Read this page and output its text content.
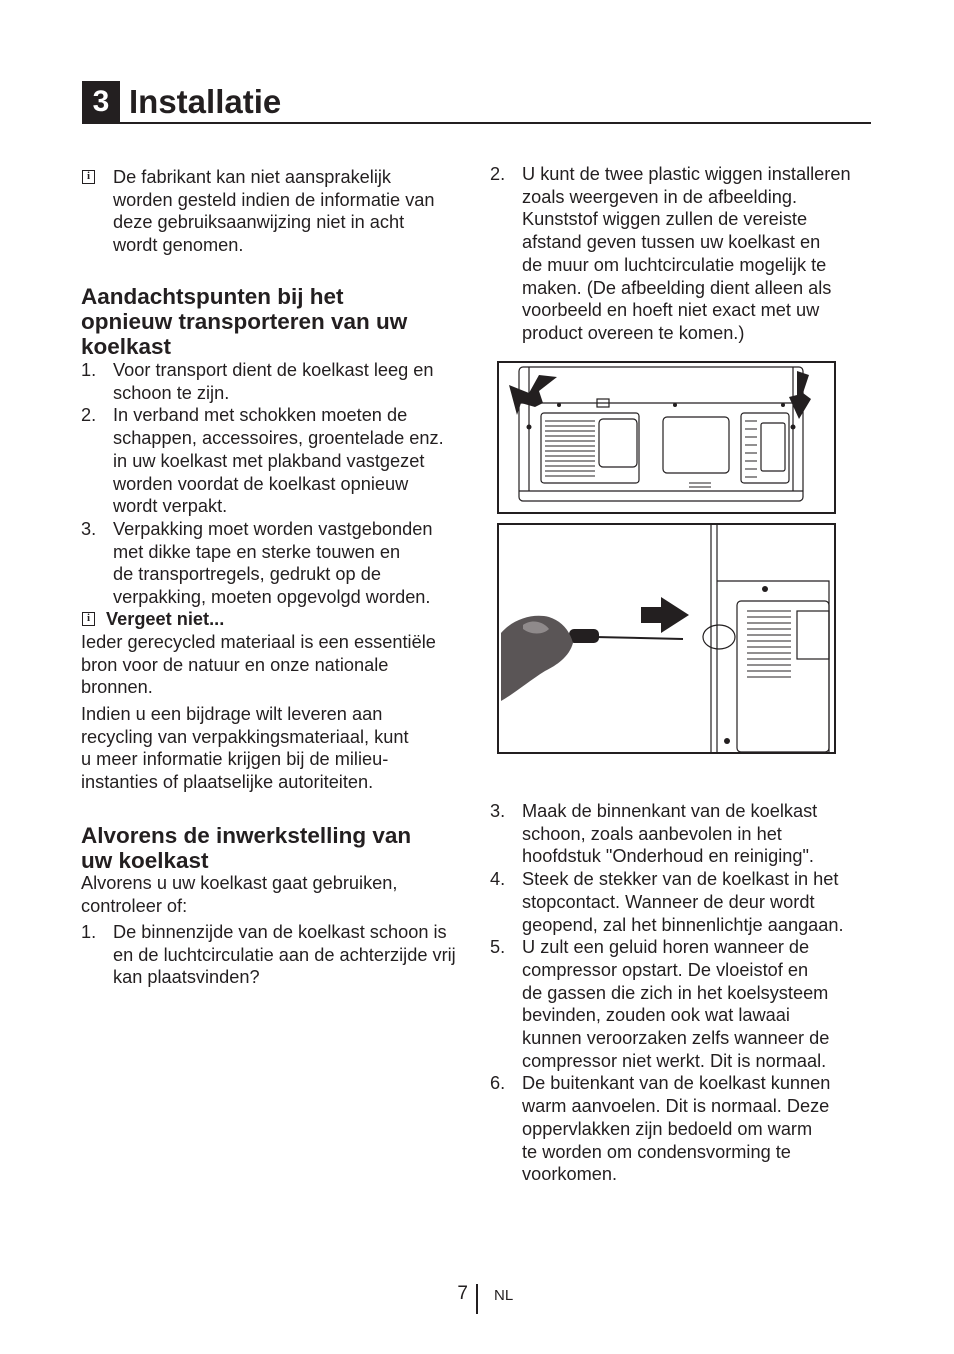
3 Installatie
i De fabrikant kan niet aansprakelijk
worden gesteld indien de informatie van
deze gebruiksaanwijzing niet in acht
wordt genomen.
Aandachtspunten bij het
opnieuw transporteren van uw
koelkast
1. Voor transport dient de koelkast leeg en
schoon te zijn.
2. In verband met schokken moeten de
schappen, accessoires, groentelade enz.
in uw koelkast met plakband vastgezet
worden voordat de koelkast opnieuw
wordt verpakt.
3. Verpakking moet worden vastgebonden
met dikke tape en sterke touwen en
de transportregels, gedrukt op de
verpakking, moeten opgevolgd worden.
i Vergeet niet...
Ieder gerecycled materiaal is een essentiële
bron voor de natuur en onze nationale
bronnen.
Indien u een bijdrage wilt leveren aan
recycling van verpakkingsmateriaal, kunt
u meer informatie krijgen bij de milieu-
instanties of plaatselijke autoriteiten.
Alvorens de inwerkstelling van
uw koelkast
Alvorens u uw koelkast gaat gebruiken,
controleer of:
1. De binnenzijde van de koelkast schoon is
en de luchtcirculatie aan de achterzijde vrij
kan plaatsvinden?
2. U kunt de twee plastic wiggen installeren
zoals weergeven in de afbeelding.
Kunststof wiggen zullen de vereiste
afstand geven tussen uw koelkast en
de muur om luchtcirculatie mogelijk te
maken. (De afbeelding dient alleen als
voorbeeld en hoeft niet exact met uw
product overeen te komen.)
3. Maak de binnenkant van de koelkast
schoon, zoals aanbevolen in het
hoofdstuk "Onderhoud en reiniging".
4. Steek de stekker van de koelkast in het
stopcontact. Wanneer de deur wordt
geopend, zal het binnenlichtje aangaan.
5. U zult een geluid horen wanneer de
compressor opstart. De vloeistof en
de gassen die zich in het koelsysteem
bevinden, zouden ook wat lawaai
kunnen veroorzaken zelfs wanneer de
compressor niet werkt. Dit is normaal.
6. De buitenkant van de koelkast kunnen
warm aanvoelen. Dit is normaal. Deze
oppervlakken zijn bedoeld om warm
te worden om condensvorming te
voorkomen.
7 NL
